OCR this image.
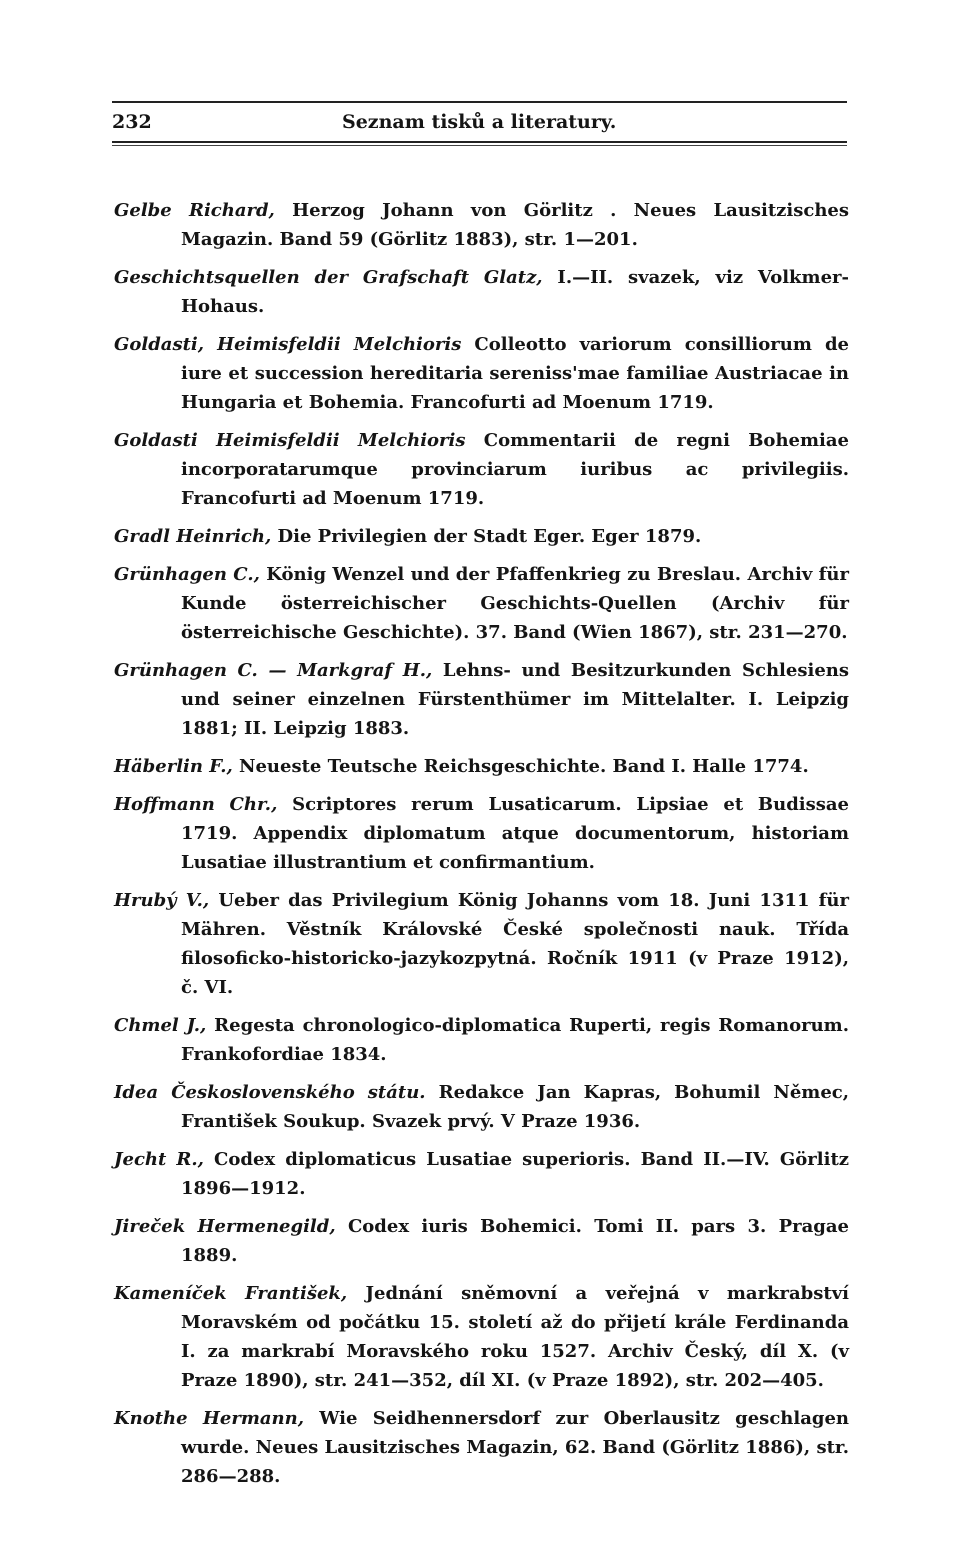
232	Seznam tisků a literatury.

Gelbe Richard, Herzog Johann von Görlitz . Neues Lausitzisches Magazin. Band 59 (Görlitz 1883), str. 1—201.

Geschichtsquellen der Grafschaft Glatz, I.—II. svazek, viz Volkmer-Hohaus.

Goldasti, Heimisfeldii Melchioris Colleotto variorum consilliorum de iure et succession hereditaria sereniss'mae familiae Austriacae in Hungaria et Bohemia. Francofurti ad Moenum 1719.

Goldasti Heimisfeldii Melchioris Commentarii de regni Bohemiae incorporatarumque provinciarum iuribus ac privilegiis. Francofurti ad Moenum 1719.

Gradl Heinrich, Die Privilegien der Stadt Eger. Eger 1879.

Grünhagen C., König Wenzel und der Pfaffenkrieg zu Breslau. Archiv für Kunde österreichischer Geschichts-Quellen (Archiv für österreichische Geschichte). 37. Band (Wien 1867), str. 231—270.

Grünhagen C. — Markgraf H., Lehns- und Besitzurkunden Schlesiens und seiner einzelnen Fürstenthümer im Mittelalter. I. Leipzig 1881; II. Leipzig 1883.

Häberlin F., Neueste Teutsche Reichsgeschichte. Band I. Halle 1774.

Hoffmann Chr., Scriptores rerum Lusaticarum. Lipsiae et Budissae 1719. Appendix diplomatum atque documentorum, historiam Lusatiae illustrantium et confirmantium.

Hrubý V., Ueber das Privilegium König Johanns vom 18. Juni 1311 für Mähren. Věstník Královské České společnosti nauk. Třída filosoficko-historicko-jazykozpytná. Ročník 1911 (v Praze 1912), č. VI.

Chmel J., Regesta chronologico-diplomatica Ruperti, regis Romanorum. Frankofordiae 1834.

Idea Československého státu. Redakce Jan Kapras, Bohumil Němec, František Soukup. Svazek prvý. V Praze 1936.

Jecht R., Codex diplomaticus Lusatiae superioris. Band II.—IV. Görlitz 1896—1912.

Jireček Hermenegild, Codex iuris Bohemici. Tomi II. pars 3. Pragae 1889.

Kameníček František, Jednání sněmovní a veřejná v markrabství Moravském od počátku 15. století až do přijetí krále Ferdinanda I. za markrabí Moravského roku 1527. Archiv Český, díl X. (v Praze 1890), str. 241—352, díl XI. (v Praze 1892), str. 202—405.

Knothe Hermann, Wie Seidhennersdorf zur Oberlausitz geschlagen wurde. Neues Lausitzisches Magazin, 62. Band (Görlitz 1886), str. 286—288.
